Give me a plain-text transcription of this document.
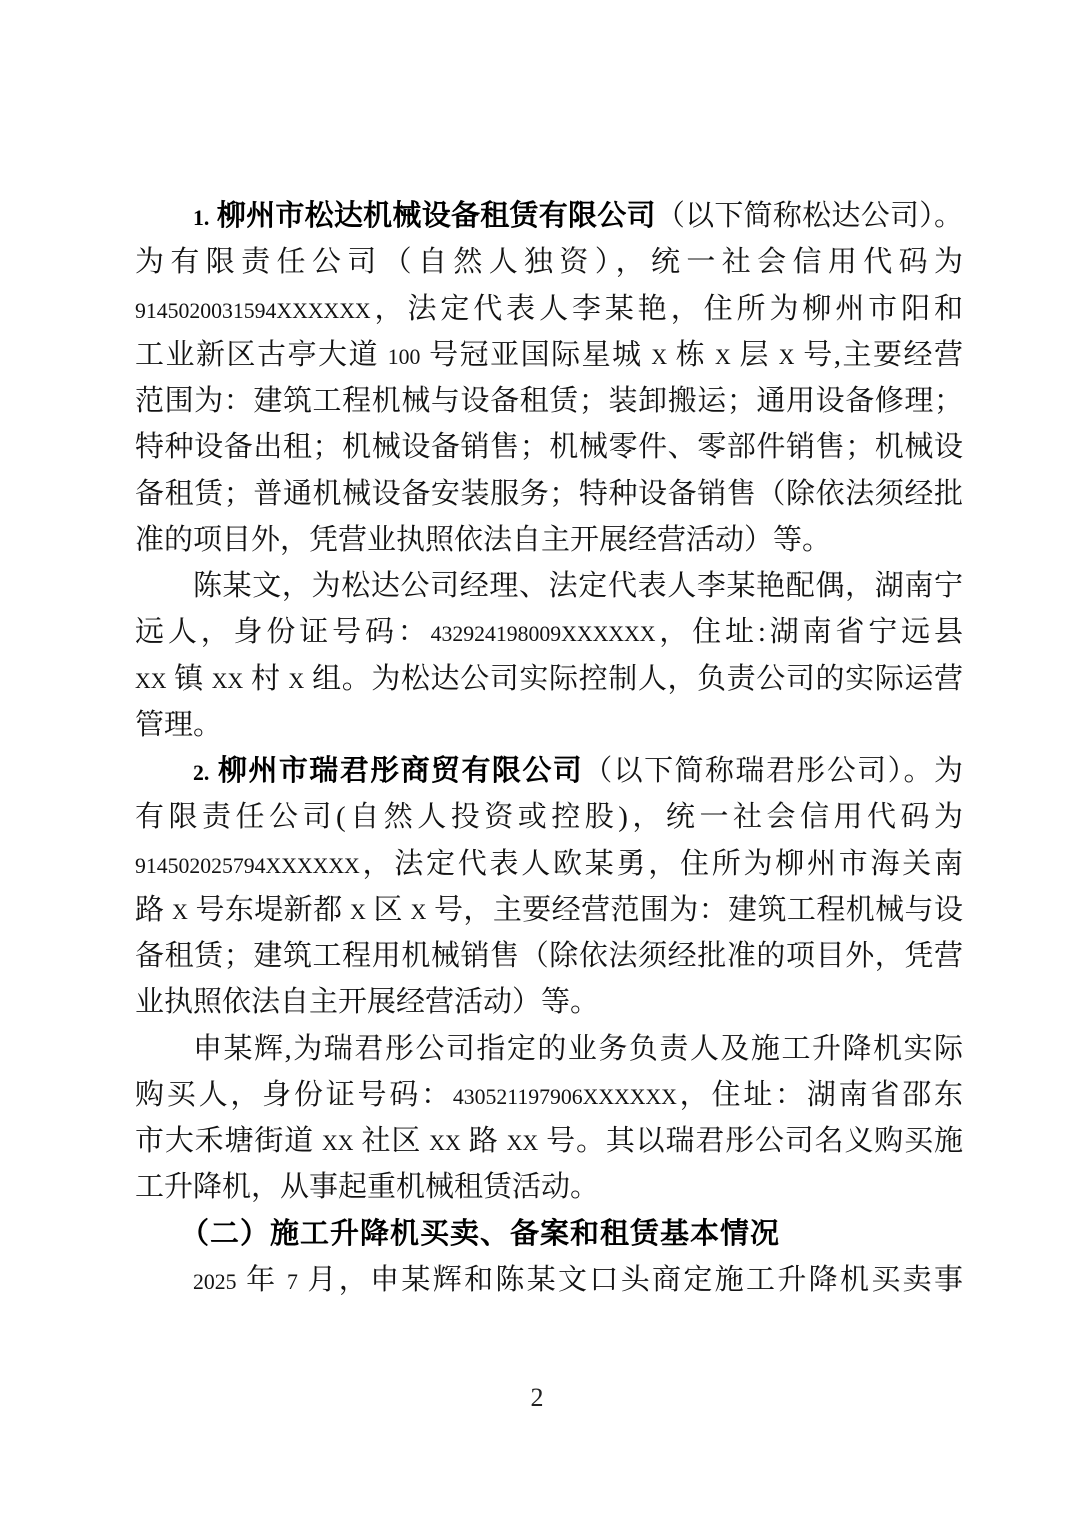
1. 柳州市松达机械设备租赁有限公司（以下简称松达公司）。
为有限责任公司（自然人独资），统一社会信用代码为
9145020031594XXXXXX，法定代表人李某艳，住所为柳州市阳和
工业新区古亭大道 100 号冠亚国际星城 X 栋 X 层 X 号,主要经营
范围为：建筑工程机械与设备租赁；装卸搬运；通用设备修理；
特种设备出租；机械设备销售；机械零件、零部件销售；机械设
备租赁；普通机械设备安装服务；特种设备销售（除依法须经批
准的项目外，凭营业执照依法自主开展经营活动）等。
陈某文，为松达公司经理、法定代表人李某艳配偶，湖南宁
远人，身份证号码：432924198009XXXXXX，住址:湖南省宁远县
XX 镇 XX 村 X 组。为松达公司实际控制人，负责公司的实际运营
管理。
2. 柳州市瑞君彤商贸有限公司（以下简称瑞君彤公司）。为
有限责任公司(自然人投资或控股)，统一社会信用代码为
914502025794XXXXXX，法定代表人欧某勇，住所为柳州市海关南
路 X 号东堤新都 X 区 X 号，主要经营范围为：建筑工程机械与设
备租赁；建筑工程用机械销售（除依法须经批准的项目外，凭营
业执照依法自主开展经营活动）等。
申某辉,为瑞君彤公司指定的业务负责人及施工升降机实际
购买人，身份证号码：430521197906XXXXXX，住址：湖南省邵东
市大禾塘街道 XX 社区 XX 路 XX 号。其以瑞君彤公司名义购买施
工升降机，从事起重机械租赁活动。
（二）施工升降机买卖、备案和租赁基本情况
2025 年 7 月，申某辉和陈某文口头商定施工升降机买卖事
2
